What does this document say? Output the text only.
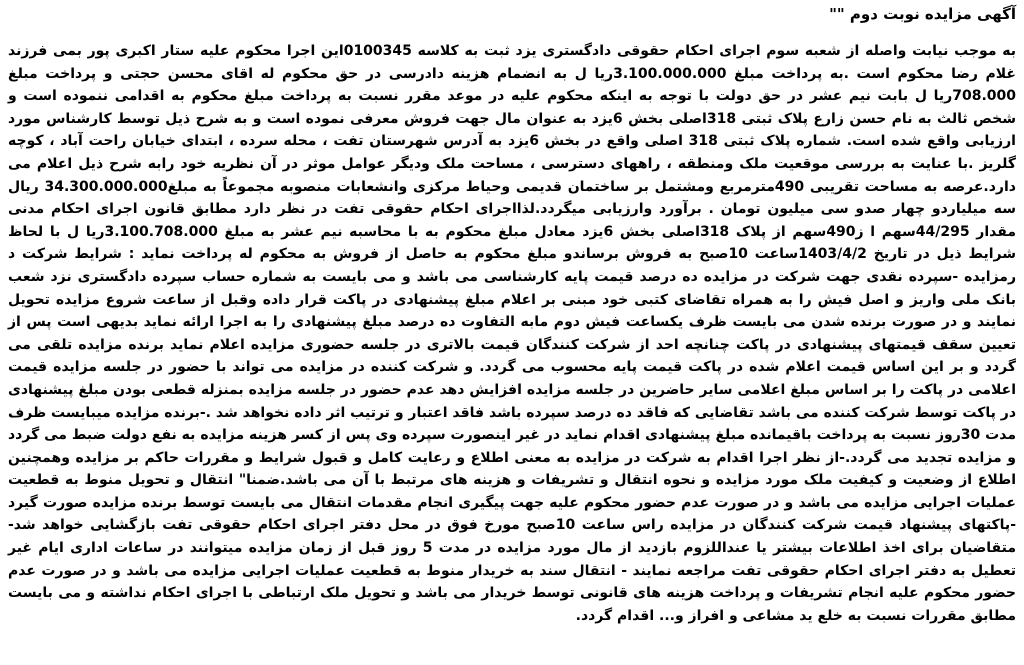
آگهی مزایده نوبت دوم ""

به موجب نیابت واصله از شعبه سوم اجرای احکام حقوقی دادگستری یزد ثبت به کلاسه 0100345این اجرا محکوم علیه ستار اکبری پور بمی فرزند غلام رضا محکوم است .به پرداخت مبلغ 3.100.000.000ریا ل به انضمام هزینه دادرسی در حق محکوم له اقای محسن حجتی و پرداخت مبلغ 708.000ریا ل بابت نیم عشر در حق دولت با توجه به اینکه محکوم علیه در موعد مقرر نسبت به پرداخت مبلغ محکوم به اقدامی ننموده است و شخص ثالث به نام حسن زارع پلاک ثبتی 318اصلی بخش 6یزد به عنوان مال جهت فروش معرفی نموده است و به شرح ذیل توسط کارشناس مورد ارزیابی واقع شده است. شماره پلاک ثبتی 318 اصلی واقع در بخش 6یزد به آدرس شهرستان تفت ، محله سرده ، ابتدای خیابان راحت آباد ، کوچه گلریز .با عنایت به بررسی موقعیت ملک ومنطقه ، راههای دسترسی ، مساحت ملک ودیگر عوامل موثر در آن نظریه خود رابه شرح ذیل اعلام می دارد.عرصه به مساحت تقریبی 490مترمربع ومشتمل بر ساختمان قدیمی وحیاط مرکزی وانشعابات منصوبه مجموعاً به مبلغ34.300.000.000 ریال سه میلیاردو چهار صدو سی میلیون تومان . برآورد وارزیابی میگردد.لذااجرای احکام حقوقی تفت در نظر دارد مطابق قانون اجرای احکام مدنی مقدار 44/295سهم ا ز490سهم از پلاک 318اصلی بخش 6یزد معادل مبلغ محکوم به با محاسبه نیم عشر به مبلغ 3.100.708.000ریا ل با لحاظ شرایط ذیل در تاریخ 1403/4/2ساعت 10صبح به فروش برساندو مبلغ محکوم به حاصل از فروش به محکوم له پرداخت نماید : شرایط شرکت د رمزایده -سپرده نقدی جهت شرکت در مزایده ده درصد قیمت پایه کارشناسی می باشد و می بایست به شماره حساب سپرده دادگستری نزد شعب بانک ملی واریز و اصل فیش را به همراه تقاضای کتبی خود مبنی بر اعلام مبلغ پیشنهادی در پاکت قرار داده وقبل از ساعت شروع مزایده تحویل نمایند و در صورت برنده شدن می بایست ظرف یکساعت فیش دوم مابه التفاوت ده درصد مبلغ پیشنهادی را به اجرا ارائه نماید بدیهی است پس از تعیین سقف قیمتهای پیشنهادی در پاکت چنانچه احد از شرکت کنندگان قیمت بالاتری در جلسه حضوری مزایده اعلام نماید برنده مزایده تلقی می گردد و بر این اساس قیمت اعلام شده در پاکت قیمت پایه محسوب می گردد. و شرکت کننده در مزایده می تواند با حضور در جلسه مزایده قیمت اعلامی در پاکت را بر اساس مبلغ اعلامی سایر حاضرین در جلسه مزایده افزایش دهد عدم حضور در جلسه مزایده بمنزله قطعی بودن مبلغ پیشنهادی در پاکت توسط شرکت کننده می باشد تقاضایی که فاقد ده درصد سپرده باشد فاقد اعتبار و ترتیب اثر داده نخواهد شد .-برنده مزایده میبایست ظرف مدت 30روز نسبت به پرداخت باقیمانده مبلغ پیشنهادی اقدام نماید در غیر اینصورت سپرده وی پس از کسر هزینه مزایده به نفع دولت ضبط می گردد و مزایده تجدید می گردد.-از نظر اجرا اقدام به شرکت در مزایده به معنی اطلاع و رعایت کامل و قبول شرایط و مقررات حاکم بر مزایده وهمچنین اطلاع از وضعیت و کیفیت ملک مورد مزایده و نحوه انتقال و تشریفات و هزینه های مرتبط با آن می باشد.ضمنا" انتقال و تحویل منوط به قطعیت عملیات اجرایی مزایده می باشد و در صورت عدم حضور محکوم علیه جهت پیگیری انجام مقدمات انتقال می بایست توسط برنده مزایده صورت گیرد -پاکتهای پیشنهاد قیمت شرکت کنندگان در مزایده راس ساعت 10صبح مورخ فوق در محل دفتر اجرای احکام حقوقی تفت بازگشایی خواهد شد-متقاضیان برای اخذ اطلاعات بیشتر یا عنداللزوم بازدید از مال مورد مزایده در مدت 5 روز قبل از زمان مزایده میتوانند در ساعات اداری ایام غیر تعطیل به دفتر اجرای احکام حقوقی تفت مراجعه نمایند - انتقال سند به خریدار منوط به قطعیت عملیات اجرایی مزایده می باشد و در صورت عدم حضور محکوم علیه انجام تشریفات و پرداخت هزینه های قانونی توسط خریدار می باشد و تحویل ملک ارتباطی با اجرای احکام نداشته و می بایست مطابق مقررات نسبت به خلع ید مشاعی و افراز و... اقدام گردد.
